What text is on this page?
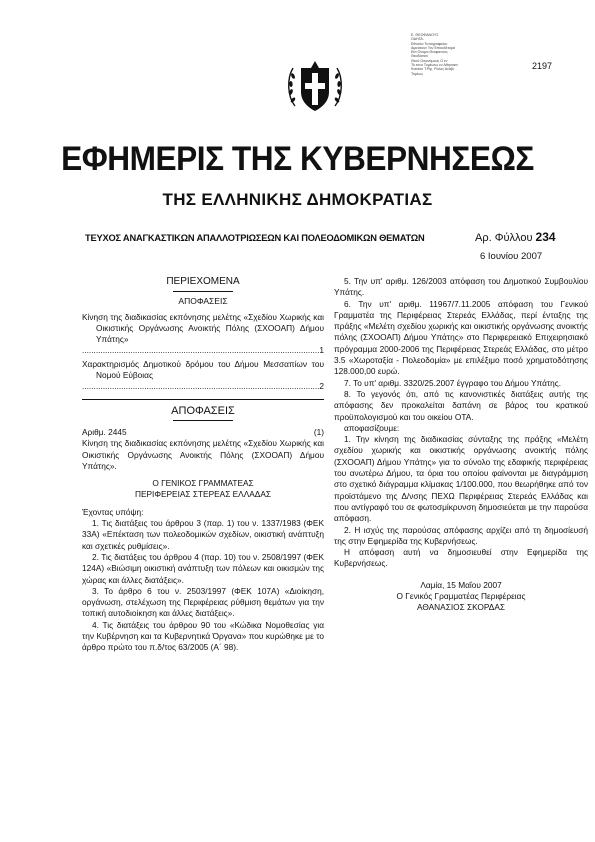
Ε. ΘΕΟΦΑΝΟΥΣ
ΟΔΗΓΑ.
Εθνικόν Τυπογραφείου
Αιρεότουν Τον Επικοδέτορα
Είπ Ονομα Θεοφανούς
Θεοδόσιον
Θεού Οικονόμους Ο εν
Τό τονο Τομέωτω εν Αθηναισι
Κοιτιίου Τ.Ρίμ. Ρόλος Ανάβι
Τομέως
2197
ΕΦΗΜΕΡΙΣ ΤΗΣ ΚΥΒΕΡΝΗΣΕΩΣ
ΤΗΣ ΕΛΛΗΝΙΚΗΣ ΔΗΜΟΚΡΑΤΙΑΣ
ΤΕΥΧΟΣ ΑΝΑΓΚΑΣΤΙΚΩΝ ΑΠΑΛΛΟΤΡΙΩΣΕΩΝ ΚΑΙ ΠΟΛΕΟΔΟΜΙΚΩΝ ΘΕΜΑΤΩΝ	Αρ. Φύλλου 234
6 Ιουνίου 2007
ΠΕΡΙΕΧΟΜΕΝΑ
ΑΠΟΦΑΣΕΙΣ
Κίνηση της διαδικασίας εκπόνησης μελέτης «Σχεδίου Χωρικής και Οικιστικής Οργάνωσης Ανοικτής Πόλης (ΣΧΟΟΑΠ) Δήμου Υπάτης»
.....
1
Χαρακτηρισμός Δημοτικού δρόμου του Δήμου Μεσσαπίων του Νομού Εύβοιας
.....
2
ΑΠΟΦΑΣΕΙΣ
Αριθμ. 2445	(1)

Κίνηση της διαδικασίας εκπόνησης μελέτης «Σχεδίου Χωρικής και Οικιστικής Οργάνωσης Ανοικτής Πόλης (ΣΧΟΟΑΠ) Δήμου Υπάτης».

Ο ΓΕΝΙΚΟΣ ΓΡΑΜΜΑΤΕΑΣ

ΠΕΡΙΦΕΡΕΙΑΣ ΣΤΕΡΕΑΣ ΕΛΛΑΔΑΣ

Έχοντας υπόψη:

1. Τις διατάξεις του άρθρου 3 (παρ. 1) του ν. 1337/1983 (ΦΕΚ 33Α) «Επέκταση των πολεοδομικών σχεδίων, οικιστική ανάπτυξη και σχετικές ρυθμίσεις».

2. Τις διατάξεις του άρθρου 4 (παρ. 10) του ν. 2508/1997 (ΦΕΚ 124Α) «Βιώσιμη οικιστική ανάπτυξη των πόλεων και οικισμών της χώρας και άλλες διατάξεις».

3. Το άρθρο 6 του ν. 2503/1997 (ΦΕΚ 107Α) «Διοίκηση, οργάνωση, στελέχωση της Περιφέρειας ρύθμιση θεμάτων για την τοπική αυτοδιοίκηση και άλλες διατάξεις».

4. Τις διατάξεις του άρθρου 90 του «Κώδικα Νομοθεσίας για την Κυβέρνηση και τα Κυβερνητικά Όργανα» που κυρώθηκε με το άρθρο πρώτο του π.δ/τος 63/2005 (Α΄ 98).

5. Την υπ' αριθμ. 126/2003 απόφαση του Δημοτικού Συμβουλίου Υπάτης.

6. Την υπ' αριθμ. 11967/7.11.2005 απόφαση του Γενικού Γραμματέα της Περιφέρειας Στερεάς Ελλάδας, περί ένταξης της πράξης «Μελέτη σχεδίου χωρικής και οικιστικής οργάνωσης ανοικτής πόλης (ΣΧΟΟΑΠ) Δήμου Υπάτης» στο Περιφερειακό Επιχειρησιακό πρόγραμμα 2000-2006 της Περιφέρειας Στερεάς Ελλάδας, στο μέτρο 3.5 «Χωροταξία - Πολεοδομία» με επιλέξιμο ποσό χρηματοδότησης 128.000,00 ευρώ.

7. Το υπ' αριθμ. 3320/25.2007 έγγραφο του Δήμου Υπάτης.

8. Το γεγονός ότι, από τις κανονιστικές διατάξεις αυτής της απόφασης δεν προκαλείται δαπάνη σε βάρος του κρατικού προϋπολογισμού και του οικείου ΟΤΑ.

αποφασίζουμε:

1. Την κίνηση της διαδικασίας σύνταξης της πράξης «Μελέτη σχεδίου χωρικής και οικιστικής οργάνωσης ανοικτής πόλης (ΣΧΟΟΑΠ) Δήμου Υπάτης» για το σύνολο της εδαφικής περιφέρειας του ανωτέρω Δήμου, τα όρια του οποίου φαίνονται με διαγράμμιση στο σχετικό διάγραμμα κλίμακας 1/100.000, που θεωρήθηκε από τον προϊστάμενο της Δ/νσης ΠΕΧΩ Περιφέρειας Στερεάς Ελλάδας και που αντίγραφό του σε φωτοσμίκρυνση δημοσιεύεται με την παρούσα απόφαση.

2. Η ισχύς της παρούσας απόφασης αρχίζει από τη δημοσίευσή της στην Εφημερίδα της Κυβερνήσεως.

Η απόφαση αυτή να δημοσιευθεί στην Εφημερίδα της Κυβερνήσεως.

Λαμία, 15 Μαΐου 2007

Ο Γενικός Γραμματέας Περιφέρειας

ΑΘΑΝΑΣΙΟΣ ΣΚΟΡΔΑΣ
